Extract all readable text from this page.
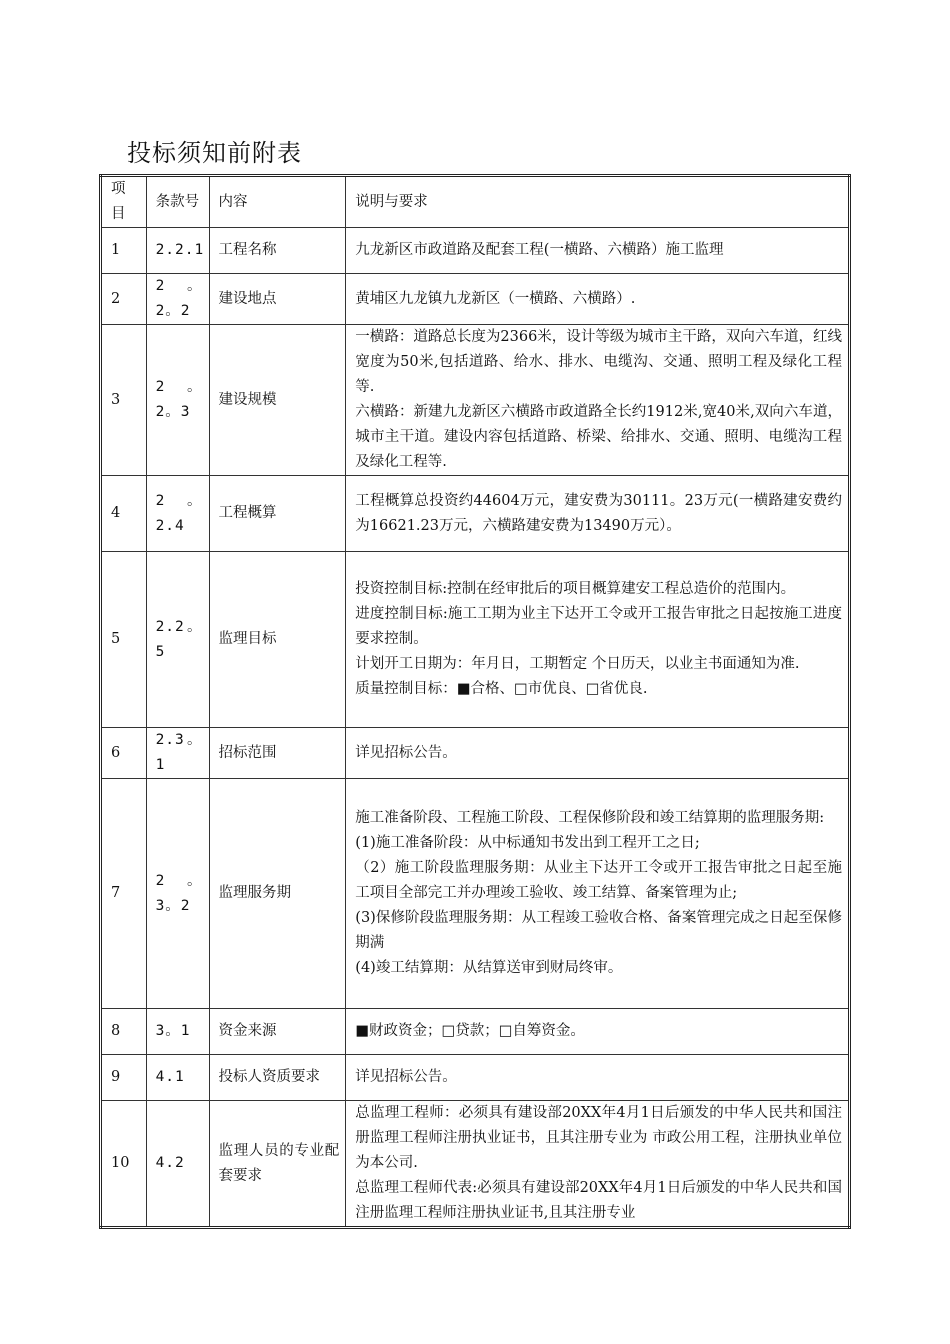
投标须知前附表
项目	条款号	内容	说明与要求
1	2.2.1	工程名称	九龙新区市政道路及配套工程(一横路、六横路）施工监理

2	2。2。2	建设地点	黄埔区九龙镇九龙新区（一横路、六横路）.

3	2。2。3	建设规模	一横路：道路总长度为2366米，设计等级为城市主干路，双向六车道，红线宽度为50米,包括道路、给水、排水、电缆沟、交通、照明工程及绿化工程等.
六横路：新建九龙新区六横路市政道路全长约1912米,宽40米,双向六车道，城市主干道。建设内容包括道路、桥梁、给排水、交通、照明、电缆沟工程及绿化工程等.

4	2。2.4	工程概算	工程概算总投资约44604万元，建安费为30111。23万元(一横路建安费约为16621.23万元，六横路建安费为13490万元）。

5	2.2。5	监理目标	投资控制目标:控制在经审批后的项目概算建安工程总造价的范围内。
进度控制目标:施工工期为业主下达开工令或开工报告审批之日起按施工进度要求控制。
计划开工日期为：年月日，工期暂定 个日历天，以业主书面通知为准.
质量控制目标：■合格、□市优良、□省优良.

6	2.3。1	招标范围	详见招标公告。

7	2。3。2	监理服务期	施工准备阶段、工程施工阶段、工程保修阶段和竣工结算期的监理服务期:
(1)施工准备阶段：从中标通知书发出到工程开工之日;
（2）施工阶段监理服务期：从业主下达开工令或开工报告审批之日起至施工项目全部完工并办理竣工验收、竣工结算、备案管理为止;
(3)保修阶段监理服务期：从工程竣工验收合格、备案管理完成之日起至保修期满
(4)竣工结算期：从结算送审到财局终审。

8	3。1	资金来源	■财政资金；□贷款；□自筹资金。

9	4.1	投标人资质要求	详见招标公告。

10	4.2	监理人员的专业配套要求	总监理工程师：必须具有建设部20XX年4月1日后颁发的中华人民共和国注册监理工程师注册执业证书，且其注册专业为 市政公用工程，注册执业单位为本公司.
总监理工程师代表:必须具有建设部20XX年4月1日后颁发的中华人民共和国注册监理工程师注册执业证书,且其注册专业
